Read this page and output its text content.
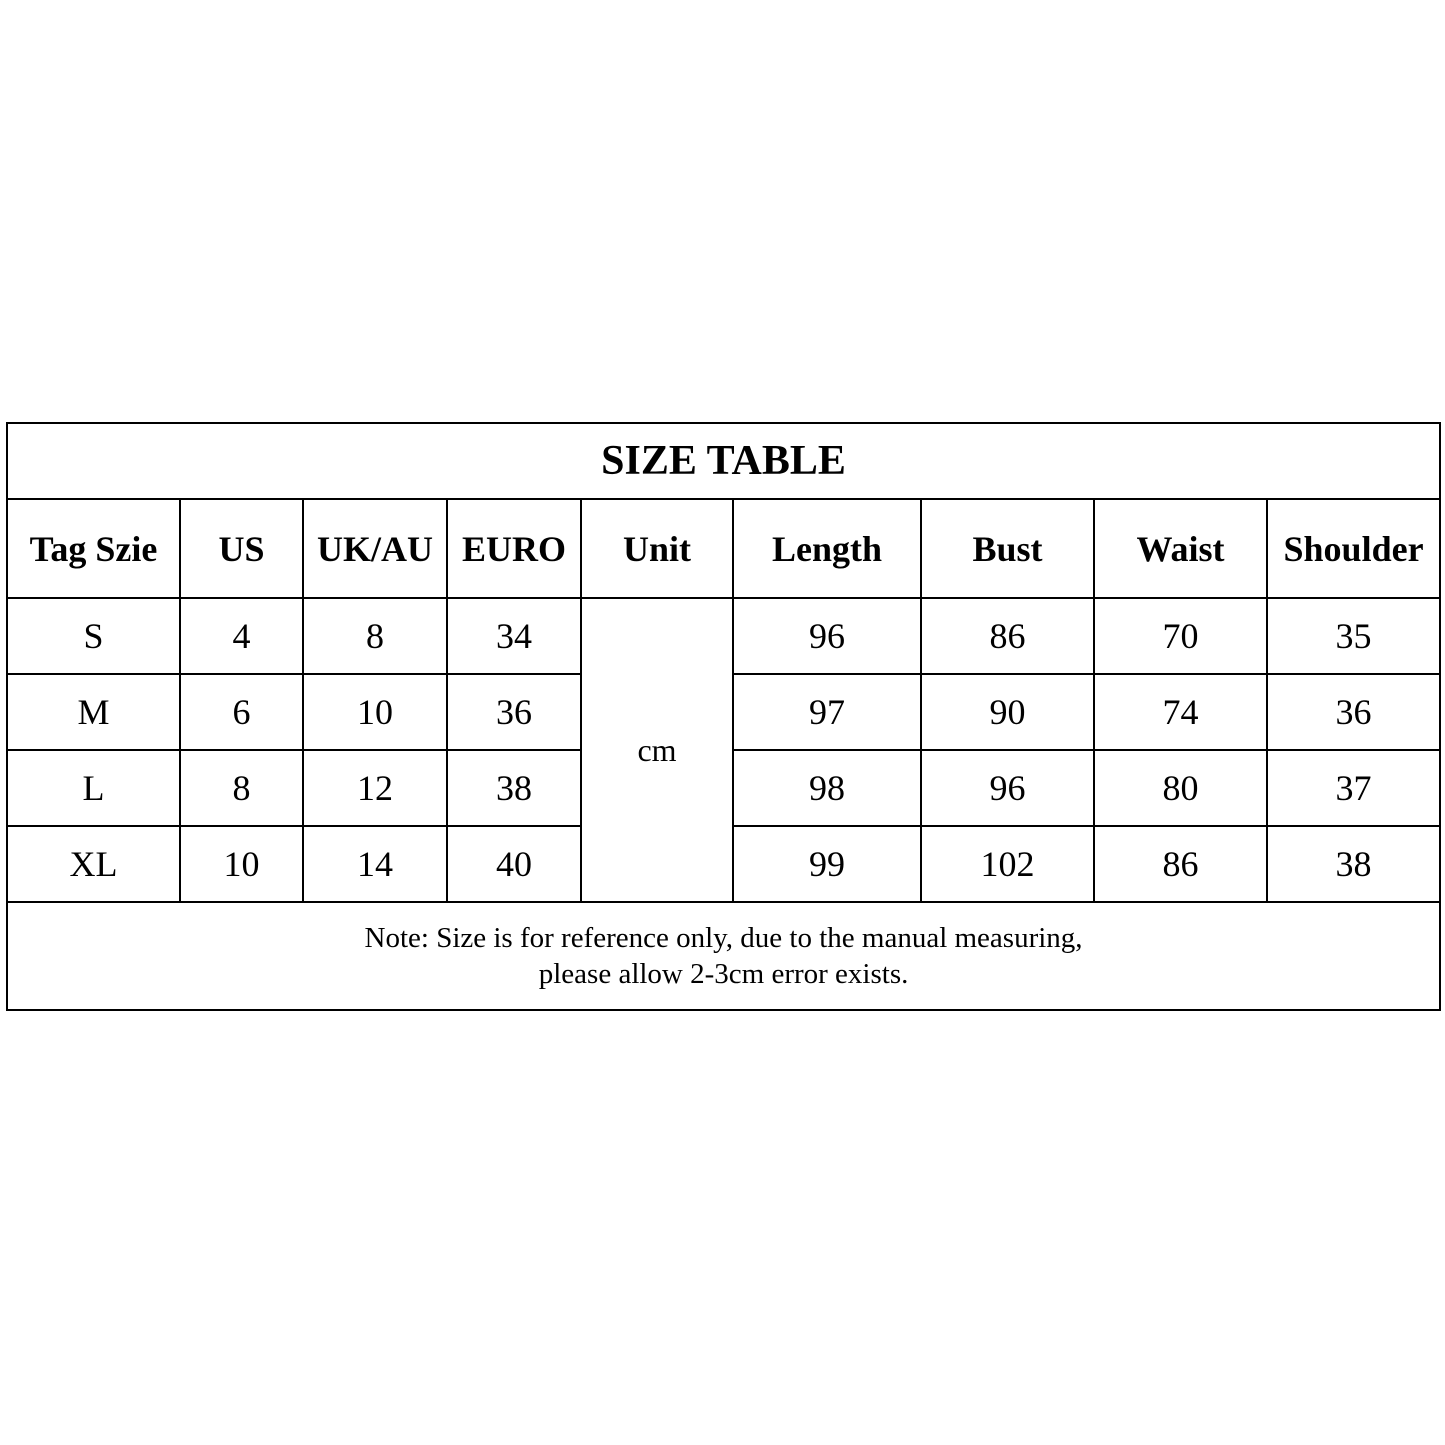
SIZE TABLE								
Tag Szie	US	UK/AU	EURO	Unit	Length	Bust	Waist	Shoulder
S	4	8	34	cm	96	86	70	35
M	6	10	36		97	90	74	36
L	8	12	38		98	96	80	37
XL	10	14	40		99	102	86	38

Note: Size is for reference only, due to the manual measuring,
please allow 2-3cm error exists.								
